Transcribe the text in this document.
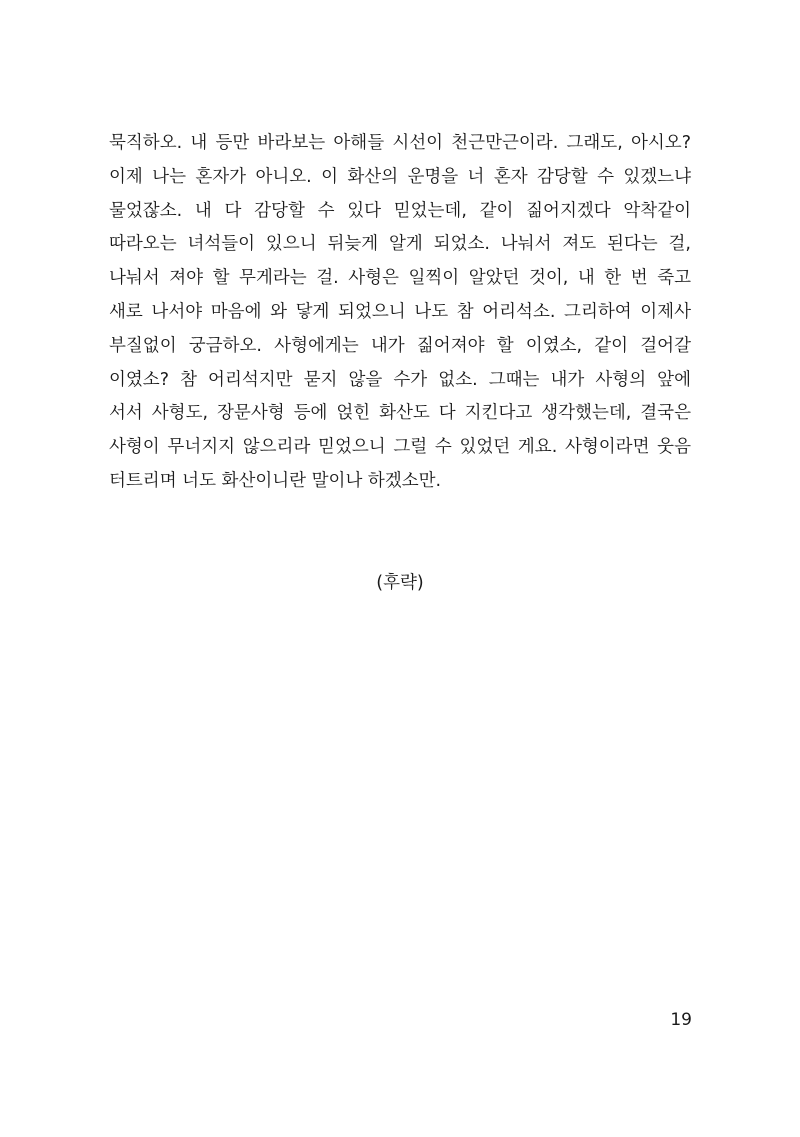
묵직하오. 내 등만 바라보는 아해들 시선이 천근만근이라. 그래도, 아시오?
이제 나는 혼자가 아니오. 이 화산의 운명을 너 혼자 감당할 수 있겠느냐
물었잖소. 내 다 감당할 수 있다 믿었는데, 같이 짊어지겠다 악착같이
따라오는 녀석들이 있으니 뒤늦게 알게 되었소. 나눠서 져도 된다는 걸,
나눠서 져야 할 무게라는 걸. 사형은 일찍이 알았던 것이, 내 한 번 죽고
새로 나서야 마음에 와 닿게 되었으니 나도 참 어리석소. 그리하여 이제사
부질없이 궁금하오. 사형에게는 내가 짊어져야 할 이였소, 같이 걸어갈
이였소? 참 어리석지만 묻지 않을 수가 없소. 그때는 내가 사형의 앞에
서서 사형도, 장문사형 등에 얹힌 화산도 다 지킨다고 생각했는데, 결국은
사형이 무너지지 않으리라 믿었으니 그럴 수 있었던 게요. 사형이라면 웃음
터트리며 너도 화산이니란 말이나 하겠소만.
(후략)
19
